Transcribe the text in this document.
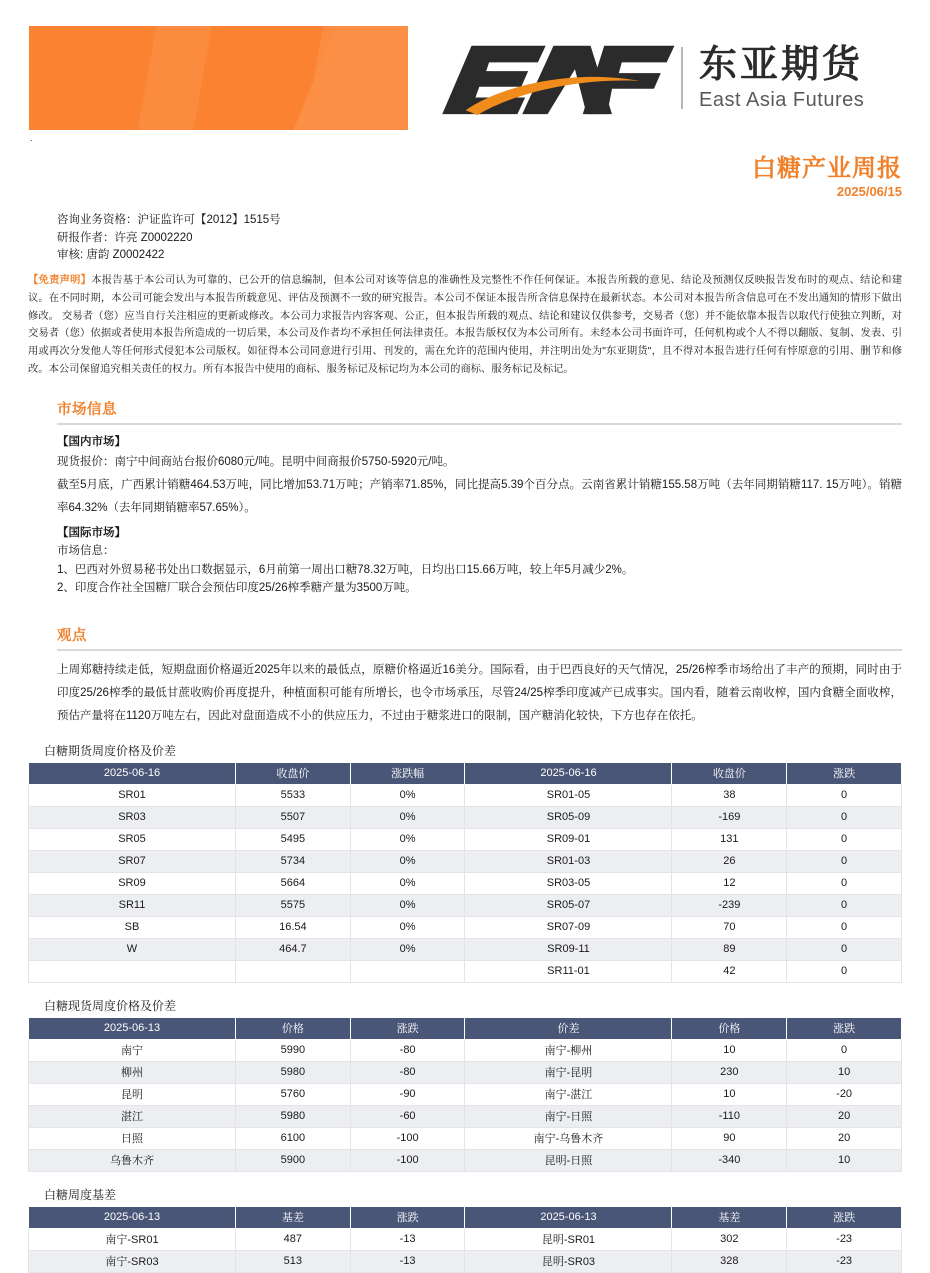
东亚期货
East Asia Futures
.
白糖产业周报
2025/06/15
咨询业务资格：沪证监许可【2012】1515号
研报作者：许亮 Z0002220
审核: 唐韵 Z0002422
【免责声明】本报告基于本公司认为可靠的、已公开的信息编制，但本公司对该等信息的准确性及完整性不作任何保证。本报告所载的意见、结论及预测仅反映报告发布时的观点、结论和建议。在不同时期，本公司可能会发出与本报告所载意见、评估及预测不一致的研究报告。本公司不保证本报告所含信息保持在最新状态。本公司对本报告所含信息可在不发出通知的情形下做出修改。 交易者（您）应当自行关注相应的更新或修改。本公司力求报告内容客观、公正，但本报告所载的观点、结论和建议仅供参考，交易者（您）并不能依靠本报告以取代行使独立判断，对交易者（您）依据或者使用本报告所造成的一切后果，本公司及作者均不承担任何法律责任。本报告版权仅为本公司所有。未经本公司书面许可，任何机构或个人不得以翻版、复制、发表、引用或再次分发他人等任何形式侵犯本公司版权。如征得本公司同意进行引用、刊发的，需在允许的范围内使用，并注明出处为"东亚期货"，且不得对本报告进行任何有悖原意的引用、删节和修改。本公司保留追究相关责任的权力。所有本报告中使用的商标、服务标记及标记均为本公司的商标、服务标记及标记。
市场信息
【国内市场】

现货报价：南宁中间商站台报价6080元/吨。昆明中间商报价5750-5920元/吨。

截至5月底，广西累计销糖464.53万吨，同比增加53.71万吨；产销率71.85%，同比提高5.39个百分点。云南省累计销糖155.58万吨（去年同期销糖117. 15万吨）。销糖率64.32%（去年同期销糖率57.65%）。

【国际市场】

市场信息：

1、巴西对外贸易秘书处出口数据显示，6月前第一周出口糖78.32万吨，日均出口15.66万吨，较上年5月减少2%。

2、印度合作社全国糖厂联合会预估印度25/26榨季糖产量为3500万吨。

观点

上周郑糖持续走低，短期盘面价格逼近2025年以来的最低点，原糖价格逼近16美分。国际看，由于巴西良好的天气情况，25/26榨季市场给出了丰产的预期，同时由于印度25/26榨季的最低甘蔗收购价再度提升，种植面积可能有所增长，也令市场承压，尽管24/25榨季印度减产已成事实。国内看，随着云南收榨，国内食糖全面收榨，预估产量将在1120万吨左右，因此对盘面造成不小的供应压力，不过由于糖浆进口的限制，国产糖消化较快，下方也存在依托。

白糖期货周度价格及价差
2025-06-16	收盘价	涨跌幅	2025-06-16	收盘价	涨跌
SR01	5533	0%	SR01-05	38	0
SR03	5507	0%	SR05-09	-169	0
SR05	5495	0%	SR09-01	131	0
SR07	5734	0%	SR01-03	26	0
SR09	5664	0%	SR03-05	12	0
SR11	5575	0%	SR05-07	-239	0
SB	16.54	0%	SR07-09	70	0
W	464.7	0%	SR09-11	89	0
			SR11-01	42	0
白糖现货周度价格及价差
2025-06-13	价格	涨跌	价差	价格	涨跌
南宁	5990	-80	南宁-柳州	10	0
柳州	5980	-80	南宁-昆明	230	10
昆明	5760	-90	南宁-湛江	10	-20
湛江	5980	-60	南宁-日照	-110	20
日照	6100	-100	南宁-乌鲁木齐	90	20
乌鲁木齐	5900	-100	昆明-日照	-340	10
白糖周度基差
2025-06-13	基差	涨跌	2025-06-13	基差	涨跌
南宁-SR01	487	-13	昆明-SR01	302	-23
南宁-SR03	513	-13	昆明-SR03	328	-23
